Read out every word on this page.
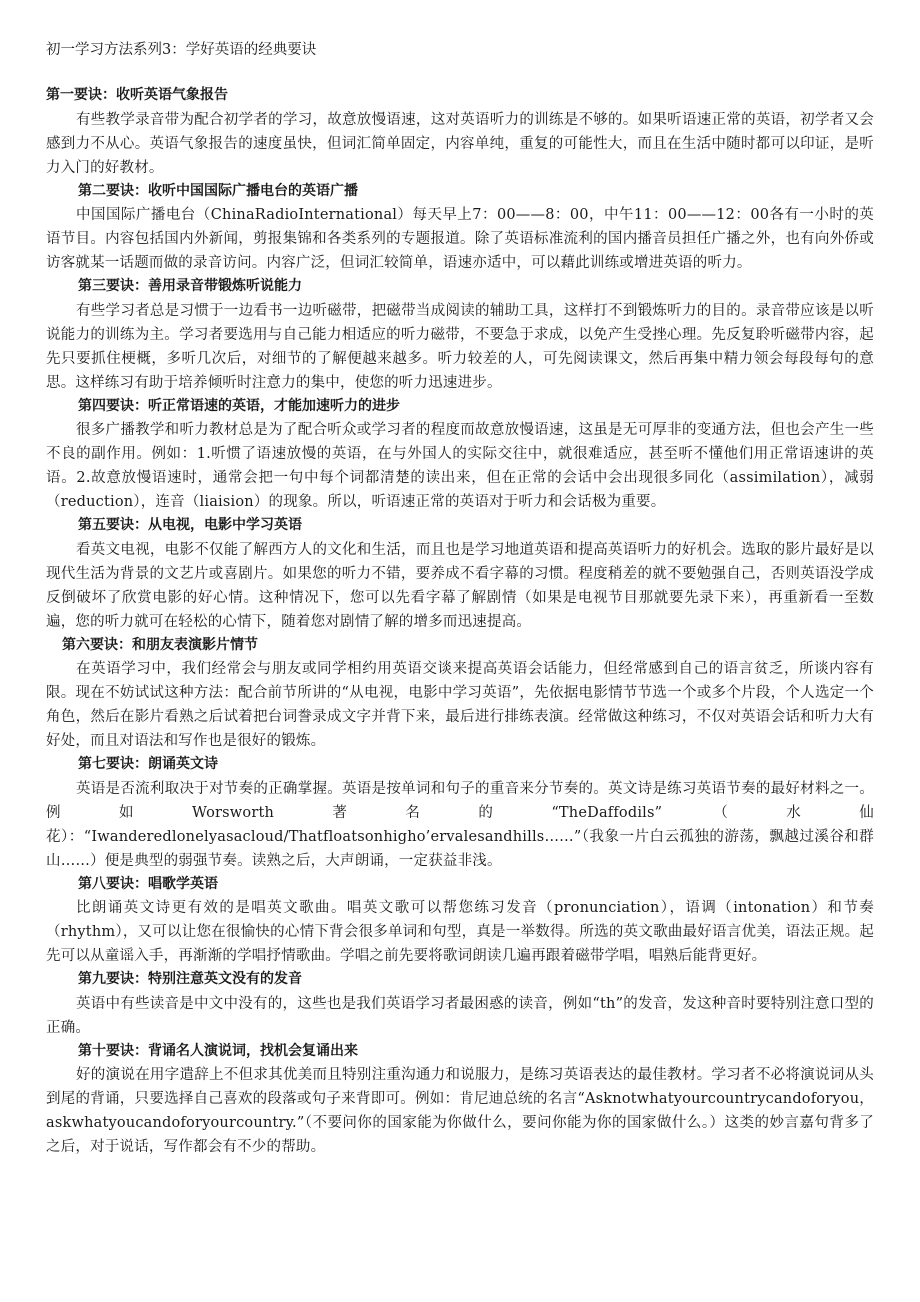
初一学习方法系列3：学好英语的经典要诀
第一要诀：收听英语气象报告

有些教学录音带为配合初学者的学习，故意放慢语速，这对英语听力的训练是不够的。如果听语速正常的英语，初学者又会感到力不从心。英语气象报告的速度虽快，但词汇简单固定，内容单纯，重复的可能性大，而且在生活中随时都可以印证，是听力入门的好教材。

第二要诀：收听中国国际广播电台的英语广播

中国国际广播电台（ChinaRadioInternational）每天早上7：00——8：00，中午11：00——12：00各有一小时的英语节目。内容包括国内外新闻，剪报集锦和各类系列的专题报道。除了英语标准流利的国内播音员担任广播之外，也有向外侨或访客就某一话题而做的录音访问。内容广泛，但词汇较简单，语速亦适中，可以藉此训练或增进英语的听力。

第三要诀：善用录音带锻炼听说能力

有些学习者总是习惯于一边看书一边听磁带，把磁带当成阅读的辅助工具，这样打不到锻炼听力的目的。录音带应该是以听说能力的训练为主。学习者要选用与自己能力相适应的听力磁带，不要急于求成，以免产生受挫心理。先反复聆听磁带内容，起先只要抓住梗概，多听几次后，对细节的了解便越来越多。听力较差的人，可先阅读课文，然后再集中精力领会每段每句的意思。这样练习有助于培养倾听时注意力的集中，使您的听力迅速进步。

第四要诀：听正常语速的英语，才能加速听力的进步

很多广播教学和听力教材总是为了配合听众或学习者的程度而故意放慢语速，这虽是无可厚非的变通方法，但也会产生一些不良的副作用。例如：1.听惯了语速放慢的英语，在与外国人的实际交往中，就很难适应，甚至听不懂他们用正常语速讲的英语。2.故意放慢语速时，通常会把一句中每个词都清楚的读出来，但在正常的会话中会出现很多同化（assimilation），减弱（reduction），连音（liaision）的现象。所以，听语速正常的英语对于听力和会话极为重要。

第五要诀：从电视，电影中学习英语

看英文电视，电影不仅能了解西方人的文化和生活，而且也是学习地道英语和提高英语听力的好机会。选取的影片最好是以现代生活为背景的文艺片或喜剧片。如果您的听力不错，要养成不看字幕的习惯。程度稍差的就不要勉强自己，否则英语没学成反倒破坏了欣赏电影的好心情。这种情况下，您可以先看字幕了解剧情（如果是电视节目那就要先录下来），再重新看一至数遍，您的听力就可在轻松的心情下，随着您对剧情了解的增多而迅速提高。

第六要诀：和朋友表演影片情节

在英语学习中，我们经常会与朋友或同学相约用英语交谈来提高英语会话能力，但经常感到自己的语言贫乏，所谈内容有限。现在不妨试试这种方法：配合前节所讲的“从电视，电影中学习英语”，先依据电影情节节选一个或多个片段，个人选定一个角色，然后在影片看熟之后试着把台词誊录成文字并背下来，最后进行排练表演。经常做这种练习，不仅对英语会话和听力大有好处，而且对语法和写作也是很好的锻炼。

第七要诀：朗诵英文诗

英语是否流利取决于对节奏的正确掌握。英语是按单词和句子的重音来分节奏的。英文诗是练习英语节奏的最好材料之一。例如Worsworth著名的“TheDaffodils”（水仙花）：“Iwanderedlonelyasacloud/Thatfloatsonhigho’ervalesandhills……”（我象一片白云孤独的游荡，飘越过溪谷和群山……）便是典型的弱强节奏。读熟之后，大声朗诵，一定获益非浅。

第八要诀：唱歌学英语

比朗诵英文诗更有效的是唱英文歌曲。唱英文歌可以帮您练习发音（pronunciation），语调（intonation）和节奏（rhythm），又可以让您在很愉快的心情下背会很多单词和句型，真是一举数得。所选的英文歌曲最好语言优美，语法正规。起先可以从童谣入手，再渐渐的学唱抒情歌曲。学唱之前先要将歌词朗读几遍再跟着磁带学唱，唱熟后能背更好。

第九要诀：特别注意英文没有的发音

英语中有些读音是中文中没有的，这些也是我们英语学习者最困惑的读音，例如“th”的发音，发这种音时要特别注意口型的正确。

第十要诀：背诵名人演说词，找机会复诵出来

好的演说在用字遣辞上不但求其优美而且特别注重沟通力和说服力，是练习英语表达的最佳教材。学习者不必将演说词从头到尾的背诵，只要选择自己喜欢的段落或句子来背即可。例如：肯尼迪总统的名言“Asknotwhatyourcountrycandoforyou，askwhatyoucandoforyourcountry.”（不要问你的国家能为你做什么，要问你能为你的国家做什么。）这类的妙言嘉句背多了之后，对于说话，写作都会有不少的帮助。
